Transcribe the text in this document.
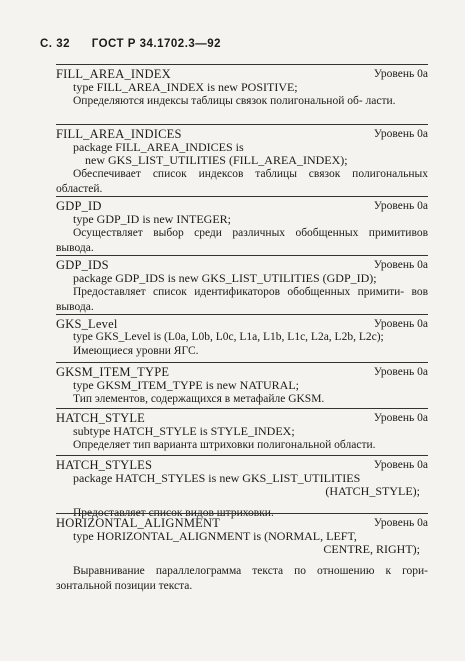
С. 32 ГОСТ Р 34.1702.3—92
FILL_AREA_INDEX	Уровень 0а
type FILL_AREA_INDEX is new POSITIVE;
Определяются индексы таблицы связок полигональной об- ласти.
FILL_AREA_INDICES	Уровень 0а
package FILL_AREA_INDICES is
new GKS_LIST_UTILITIES (FILL_AREA_INDEX);
Обеспечивает список индексов таблицы связок полигональных областей.
GDP_ID	Уровень 0а
type GDP_ID is new INTEGER;
Осуществляет выбор среди различных обобщенных примитивов вывода.
GDP_IDS	Уровень 0а
package GDP_IDS is new GKS_LIST_UTILITIES (GDP_ID);
Предоставляет список идентификаторов обобщенных примити- вов вывода.
GKS_Level	Уровень 0а
type GKS_Level is (L0a, L0b, L0c, L1a, L1b, L1c, L2a, L2b, L2c);
Имеющиеся уровни ЯГС.
GKSM_ITEM_TYPE	Уровень 0а
type GKSM_ITEM_TYPE is new NATURAL;
Тип элементов, содержащихся в метафайле GKSM.
HATCH_STYLE	Уровень 0а
subtype HATCH_STYLE is STYLE_INDEX;
Определяет тип варианта штриховки полигональной области.
HATCH_STYLES	Уровень 0а
package HATCH_STYLES is new GKS_LIST_UTILITIES
(HATCH_STYLE);
Предоставляет список видов штриховки.
HORIZONTAL_ALIGNMENT	Уровень 0а
type HORIZONTAL_ALIGNMENT is (NORMAL, LEFT,
CENTRE, RIGHT);
Выравнивание параллелограмма текста по отношению к гори- зонтальной позиции текста.
